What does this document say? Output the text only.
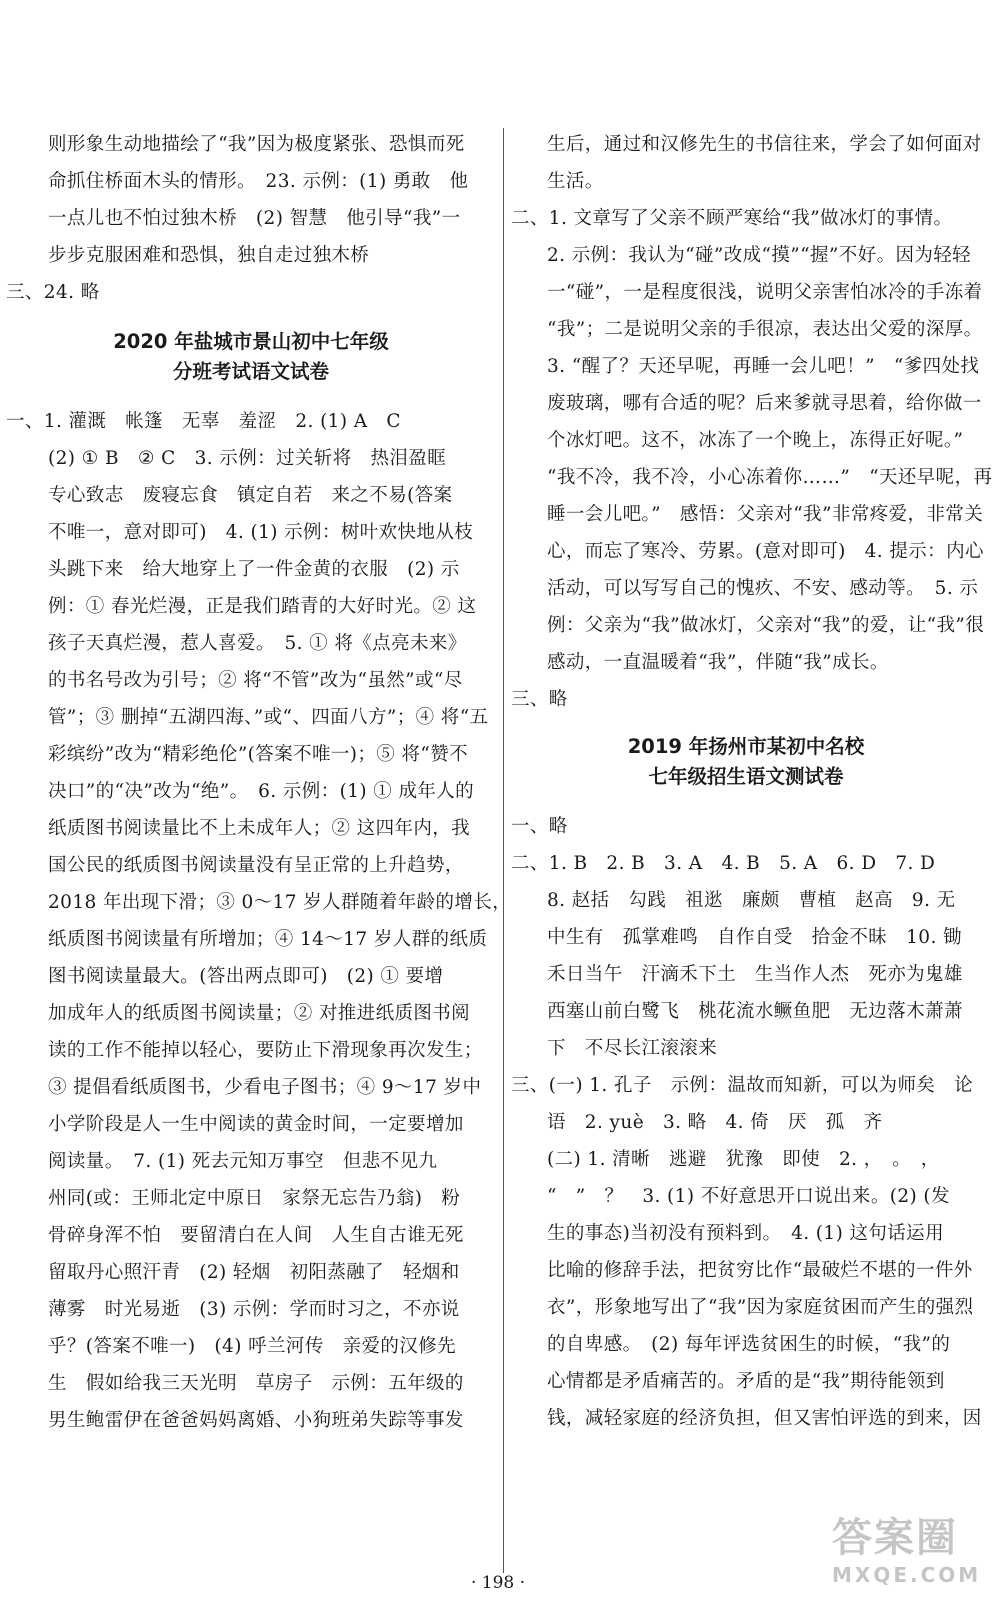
则形象生动地描绘了“我”因为极度紧张、恐惧而死
命抓住桥面木头的情形。　23. 示例：(1) 勇敢　他
一点儿也不怕过独木桥　(2) 智慧　他引导“我”一
步步克服困难和恐惧，独自走过独木桥
三、24. 略
2020 年盐城市景山初中七年级
分班考试语文试卷
一、1. 灌溉　帐篷　无辜　羞涩　2. (1) A　C
(2) ① B　② C　3. 示例：过关斩将　热泪盈眶
专心致志　废寝忘食　镇定自若　来之不易(答案
不唯一，意对即可)　4. (1) 示例：树叶欢快地从枝
头跳下来　给大地穿上了一件金黄的衣服　(2) 示
例：① 春光烂漫，正是我们踏青的大好时光。② 这
孩子天真烂漫，惹人喜爱。　5. ① 将《点亮未来》
的书名号改为引号；② 将“不管”改为“虽然”或“尽
管”；③ 删掉“五湖四海、”或“、四面八方”；④ 将“五
彩缤纷”改为“精彩绝伦”(答案不唯一)；⑤ 将“赞不
决口”的“决”改为“绝”。　6. 示例：(1) ① 成年人的
纸质图书阅读量比不上未成年人；② 这四年内，我
国公民的纸质图书阅读量没有呈正常的上升趋势，
2018 年出现下滑；③ 0～17 岁人群随着年龄的增长，
纸质图书阅读量有所增加；④ 14～17 岁人群的纸质
图书阅读量最大。(答出两点即可)　(2) ① 要增
加成年人的纸质图书阅读量；② 对推进纸质图书阅
读的工作不能掉以轻心，要防止下滑现象再次发生；
③ 提倡看纸质图书，少看电子图书；④ 9～17 岁中
小学阶段是人一生中阅读的黄金时间，一定要增加
阅读量。　7. (1) 死去元知万事空　但悲不见九
州同(或：王师北定中原日　家祭无忘告乃翁)　粉
骨碎身浑不怕　要留清白在人间　人生自古谁无死
留取丹心照汗青　(2) 轻烟　初阳蒸融了　轻烟和
薄雾　时光易逝　(3) 示例：学而时习之，不亦说
乎？(答案不唯一)　(4) 呼兰河传　亲爱的汉修先
生　假如给我三天光明　草房子　示例：五年级的
男生鲍雷伊在爸爸妈妈离婚、小狗班弟失踪等事发
生后，通过和汉修先生的书信往来，学会了如何面对
生活。
二、1. 文章写了父亲不顾严寒给“我”做冰灯的事情。
2. 示例：我认为“碰”改成“摸”“握”不好。因为轻轻
一“碰”，一是程度很浅，说明父亲害怕冰冷的手冻着
“我”；二是说明父亲的手很凉，表达出父爱的深厚。
3. “醒了？天还早呢，再睡一会儿吧！”　“爹四处找
废玻璃，哪有合适的呢？后来爹就寻思着，给你做一
个冰灯吧。这不，冰冻了一个晚上，冻得正好呢。”
“我不冷，我不冷，小心冻着你……”　“天还早呢，再
睡一会儿吧。”　感悟：父亲对“我”非常疼爱，非常关
心，而忘了寒冷、劳累。(意对即可)　4. 提示：内心
活动，可以写写自己的愧疚、不安、感动等。　5. 示
例：父亲为“我”做冰灯，父亲对“我”的爱，让“我”很
感动，一直温暖着“我”，伴随“我”成长。
三、略
2019 年扬州市某初中名校
七年级招生语文测试卷
一、略
二、1. B　2. B　3. A　4. B　5. A　6. D　7. D
8. 赵括　勾践　祖逖　廉颇　曹植　赵高　9. 无
中生有　孤掌难鸣　自作自受　拾金不昧　10. 锄
禾日当午　汗滴禾下土　生当作人杰　死亦为鬼雄
西塞山前白鹭飞　桃花流水鳜鱼肥　无边落木萧萧
下　不尽长江滚滚来
三、(一) 1. 孔子　示例：温故而知新，可以为师矣　论
语　2. yuè　3. 略　4. 倚　厌　孤　齐
(二) 1. 清晰　逃避　犹豫　即使　2. ，　。　，
“　”　？　3. (1) 不好意思开口说出来。(2) (发
生的事态)当初没有预料到。　4. (1) 这句话运用
比喻的修辞手法，把贫穷比作“最破烂不堪的一件外
衣”，形象地写出了“我”因为家庭贫困而产生的强烈
的自卑感。　(2) 每年评选贫困生的时候，“我”的
心情都是矛盾痛苦的。矛盾的是“我”期待能领到
钱，减轻家庭的经济负担，但又害怕评选的到来，因
· 198 ·
答案圈
MXQE.COM
